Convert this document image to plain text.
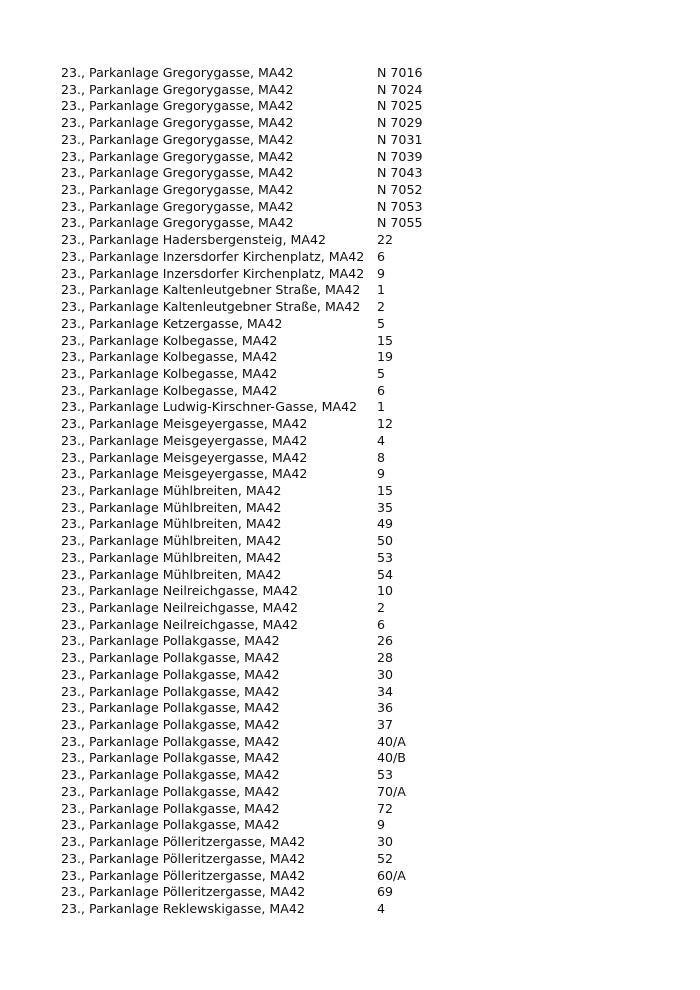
23., Parkanlage Gregorygasse, MA42	N 7016
23., Parkanlage Gregorygasse, MA42	N 7024
23., Parkanlage Gregorygasse, MA42	N 7025
23., Parkanlage Gregorygasse, MA42	N 7029
23., Parkanlage Gregorygasse, MA42	N 7031
23., Parkanlage Gregorygasse, MA42	N 7039
23., Parkanlage Gregorygasse, MA42	N 7043
23., Parkanlage Gregorygasse, MA42	N 7052
23., Parkanlage Gregorygasse, MA42	N 7053
23., Parkanlage Gregorygasse, MA42	N 7055
23., Parkanlage Hadersbergensteig, MA42	22
23., Parkanlage Inzersdorfer Kirchenplatz, MA42 6
23., Parkanlage Inzersdorfer Kirchenplatz, MA42 9
23., Parkanlage Kaltenleutgebner Straße, MA42 1
23., Parkanlage Kaltenleutgebner Straße, MA42 2
23., Parkanlage Ketzergasse, MA42	5
23., Parkanlage Kolbegasse, MA42	15
23., Parkanlage Kolbegasse, MA42	19
23., Parkanlage Kolbegasse, MA42	5
23., Parkanlage Kolbegasse, MA42	6
23., Parkanlage Ludwig-Kirschner-Gasse, MA42 1
23., Parkanlage Meisgeyergasse, MA42	12
23., Parkanlage Meisgeyergasse, MA42	4
23., Parkanlage Meisgeyergasse, MA42	8
23., Parkanlage Meisgeyergasse, MA42	9
23., Parkanlage Mühlbreiten, MA42	15
23., Parkanlage Mühlbreiten, MA42	35
23., Parkanlage Mühlbreiten, MA42	49
23., Parkanlage Mühlbreiten, MA42	50
23., Parkanlage Mühlbreiten, MA42	53
23., Parkanlage Mühlbreiten, MA42	54
23., Parkanlage Neilreichgasse, MA42	10
23., Parkanlage Neilreichgasse, MA42	2
23., Parkanlage Neilreichgasse, MA42	6
23., Parkanlage Pollakgasse, MA42	26
23., Parkanlage Pollakgasse, MA42	28
23., Parkanlage Pollakgasse, MA42	30
23., Parkanlage Pollakgasse, MA42	34
23., Parkanlage Pollakgasse, MA42	36
23., Parkanlage Pollakgasse, MA42	37
23., Parkanlage Pollakgasse, MA42	40/A
23., Parkanlage Pollakgasse, MA42	40/B
23., Parkanlage Pollakgasse, MA42	53
23., Parkanlage Pollakgasse, MA42	70/A
23., Parkanlage Pollakgasse, MA42	72
23., Parkanlage Pollakgasse, MA42	9
23., Parkanlage Pölleritzergasse, MA42	30
23., Parkanlage Pölleritzergasse, MA42	52
23., Parkanlage Pölleritzergasse, MA42	60/A
23., Parkanlage Pölleritzergasse, MA42	69
23., Parkanlage Reklewskigasse, MA42	4
